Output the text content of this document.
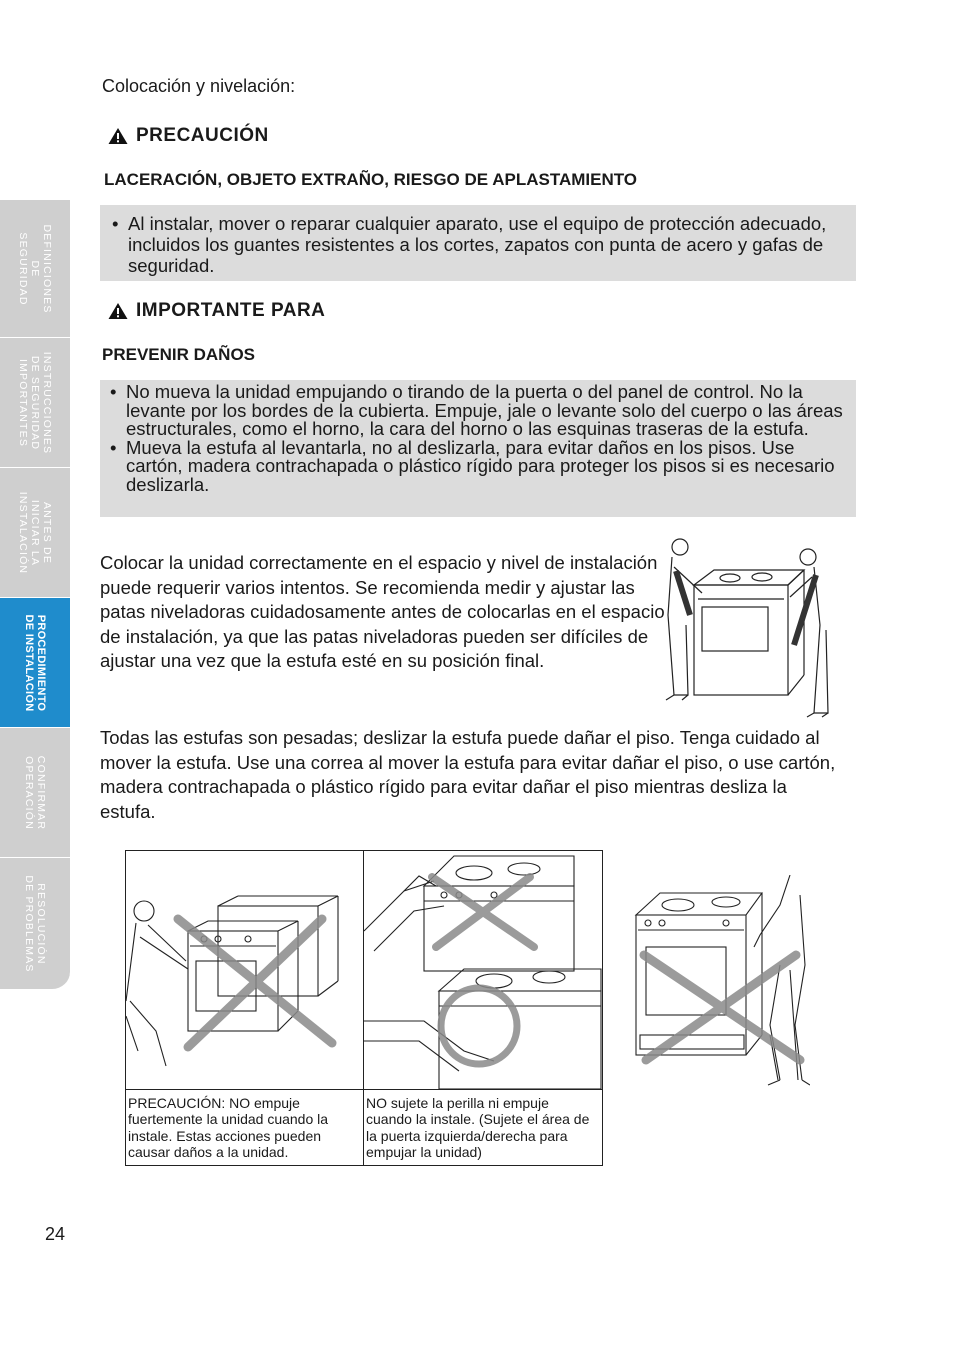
DEFINICIONES
DE
SEGURIDAD
INSTRUCCIONES
DE SEGURIDAD
IMPORTANTES
ANTES DE
INICIAR LA
INSTALACIÓN
PROCEDIMIENTO
DE INSTALACIÓN
CONFIRMAR
OPERACIÓN
RESOLUCIÓN
DE PROBLEMAS
Colocación y nivelación:
PRECAUCIÓN
LACERACIÓN, OBJETO EXTRAÑO, RIESGO DE APLASTAMIENTO
• Al instalar, mover o reparar cualquier aparato, use el equipo de protección adecuado, incluidos los guantes resistentes a los cortes, zapatos con punta de acero y gafas de seguridad.
IMPORTANTE PARA
PREVENIR DAÑOS
• No mueva la unidad empujando o tirando de la puerta o del panel de control. No la levante por los bordes de la cubierta. Empuje, jale o levante solo del cuerpo o las áreas estructurales, como el horno, la cara del horno o las esquinas traseras de la estufa.
• Mueva la estufa al levantarla, no al deslizarla, para evitar daños en los pisos. Use cartón, madera contrachapada o plástico rígido para proteger los pisos si es necesario deslizarla.
Colocar la unidad correctamente en el espacio y nivel de instalación puede requerir varios intentos. Se recomienda medir y ajustar las patas niveladoras cuidadosamente antes de colocarlas en el espacio de instalación, ya que las patas niveladoras pueden ser difíciles de ajustar una vez que la estufa esté en su posición final.
Todas las estufas son pesadas; deslizar la estufa puede dañar el piso. Tenga cuidado al mover la estufa. Use una correa al mover la estufa para evitar dañar el piso, o use cartón, madera contrachapada o plástico rígido para evitar dañar el piso mientras desliza la estufa.
PRECAUCIÓN: NO empuje fuertemente la unidad cuando la instale. Estas acciones pueden causar daños a la unidad.
NO sujete la perilla ni empuje cuando la instale. (Sujete el área de la puerta izquierda/derecha para empujar la unidad)
24
